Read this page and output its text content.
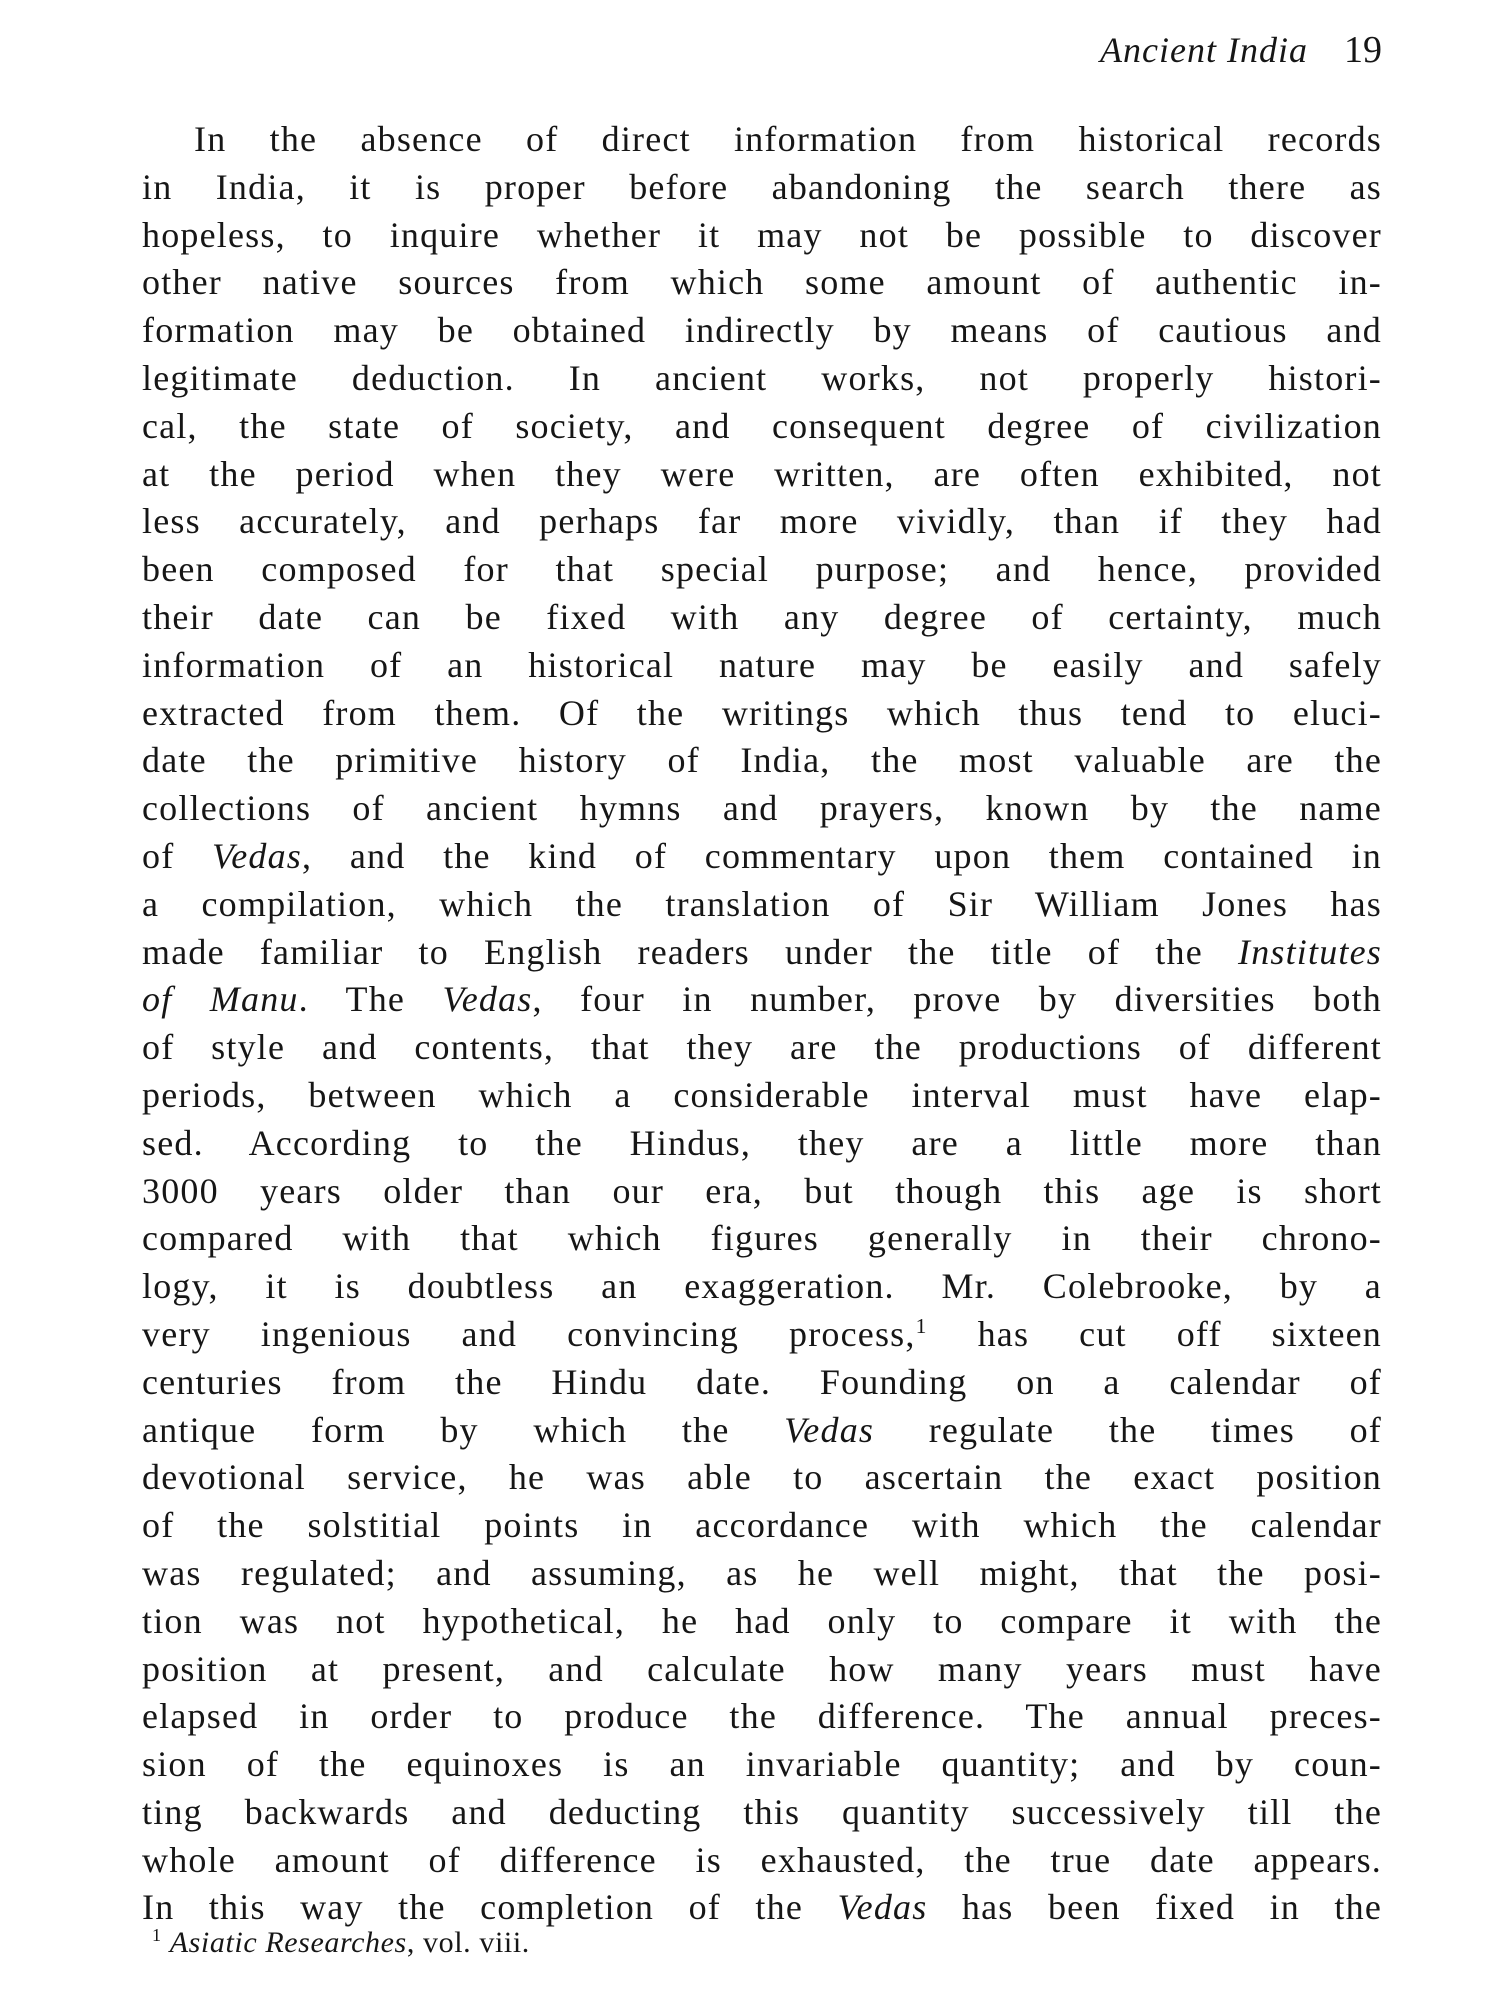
Ancient India 19
In the absence of direct information from historical records
in India, it is proper before abandoning the search there as
hopeless, to inquire whether it may not be possible to discover
other native sources from which some amount of authentic in-
formation may be obtained indirectly by means of cautious and
legitimate deduction. In ancient works, not properly histori-
cal, the state of society, and consequent degree of civilization
at the period when they were written, are often exhibited, not
less accurately, and perhaps far more vividly, than if they had
been composed for that special purpose; and hence, provided
their date can be fixed with any degree of certainty, much
information of an historical nature may be easily and safely
extracted from them. Of the writings which thus tend to eluci-
date the primitive history of India, the most valuable are the
collections of ancient hymns and prayers, known by the name
of Vedas, and the kind of commentary upon them contained in
a compilation, which the translation of Sir William Jones has
made familiar to English readers under the title of the Institutes
of Manu. The Vedas, four in number, prove by diversities both
of style and contents, that they are the productions of different
periods, between which a considerable interval must have elap-
sed. According to the Hindus, they are a little more than
3000 years older than our era, but though this age is short
compared with that which figures generally in their chrono-
logy, it is doubtless an exaggeration. Mr. Colebrooke, by a
very ingenious and convincing process,$^1$ has cut off sixteen
centuries from the Hindu date. Founding on a calendar of
antique form by which the Vedas regulate the times of
devotional service, he was able to ascertain the exact position
of the solstitial points in accordance with which the calendar
was regulated; and assuming, as he well might, that the posi-
tion was not hypothetical, he had only to compare it with the
position at present, and calculate how many years must have
elapsed in order to produce the difference. The annual preces-
sion of the equinoxes is an invariable quantity; and by coun-
ting backwards and deducting this quantity successively till the
whole amount of difference is exhausted, the true date appears.
In this way the completion of the Vedas has been fixed in the
$^1$ Asiatic Researches, vol. viii.
